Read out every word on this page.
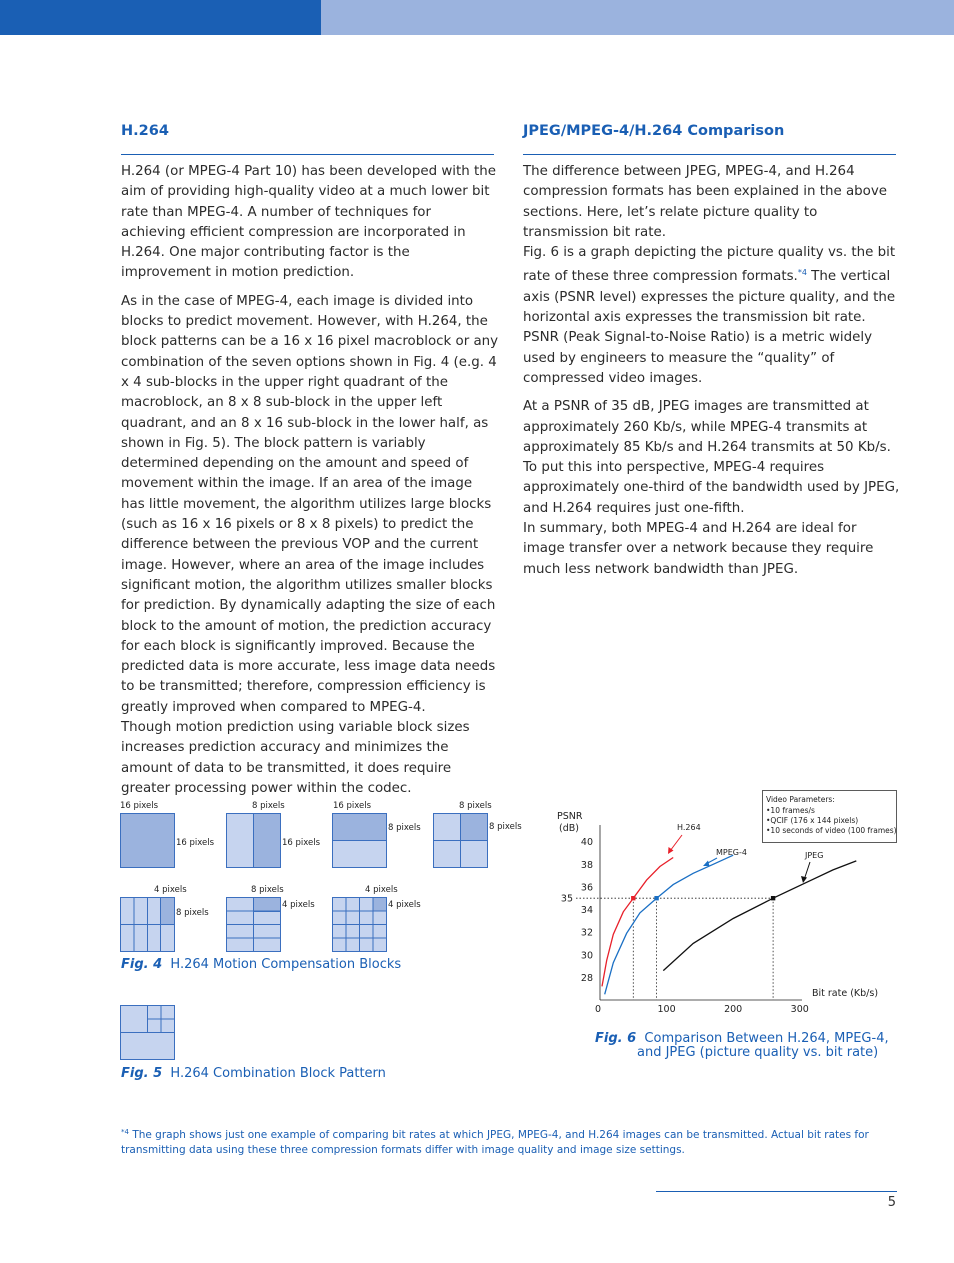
H.264

H.264 (or MPEG-4 Part 10) has been developed with the aim of providing high-quality video at a much lower bit rate than MPEG-4. A number of techniques for achieving efficient compression are incorporated in H.264. One major contributing factor is the improvement in motion prediction.

As in the case of MPEG-4, each image is divided into blocks to predict movement. However, with H.264, the block patterns can be a 16 x 16 pixel macroblock or any combination of the seven options shown in Fig. 4 (e.g. 4 x 4 sub-blocks in the upper right quadrant of the macroblock, an 8 x 8 sub-block in the upper left quadrant, and an 8 x 16 sub-block in the lower half, as shown in Fig. 5). The block pattern is variably determined depending on the amount and speed of movement within the image. If an area of the image has little movement, the algorithm utilizes large blocks (such as 16 x 16 pixels or 8 x 8 pixels) to predict the difference between the previous VOP and the current image. However, where an area of the image includes significant motion, the algorithm utilizes smaller blocks for prediction. By dynamically adapting the size of each block to the amount of motion, the prediction accuracy for each block is significantly improved. Because the predicted data is more accurate, less image data needs to be transmitted; therefore, compression efficiency is greatly improved when compared to MPEG-4.

Though motion prediction using variable block sizes increases prediction accuracy and minimizes the amount of data to be transmitted, it does require greater processing power within the codec.

JPEG/MPEG-4/H.264 Comparison

The difference between JPEG, MPEG-4, and H.264 compression formats has been explained in the above sections. Here, let’s relate picture quality to transmission bit rate.

Fig. 6 is a graph depicting the picture quality vs. the bit rate of these three compression formats.$^{*4}$ The vertical axis (PSNR level) expresses the picture quality, and the horizontal axis expresses the transmission bit rate. PSNR (Peak Signal-to-Noise Ratio) is a metric widely used by engineers to measure the “quality” of compressed video images.

At a PSNR of 35 dB, JPEG images are transmitted at approximately 260 Kb/s, while MPEG-4 transmits at approximately 85 Kb/s and H.264 transmits at 50 Kb/s. To put this into perspective, MPEG-4 requires approximately one-third of the bandwidth used by JPEG, and H.264 requires just one-fifth.

In summary, both MPEG-4 and H.264 are ideal for image transfer over a network because they require much less network bandwidth than JPEG.

16 pixels
16 pixels
8 pixels
16 pixels
16 pixels
8 pixels
8 pixels
8 pixels
4 pixels
8 pixels
8 pixels
4 pixels
4 pixels
4 pixels
Fig. 4 H.264 Motion Compensation Blocks
Fig. 5 H.264 Combination Block Pattern
PSNR
(dB)
Bit rate (Kb/s)
Video Parameters:
•10 frames/s
•QCIF (176 x 144 pixels)
•10 seconds of video (100 frames)
H.264
MPEG-4	JPEG
28
30
32
34
36
38
40
0	100	200	300
35
Fig. 6 Comparison Between H.264, MPEG-4,
and JPEG (picture quality vs. bit rate)
$^{*4}$ The graph shows just one example of comparing bit rates at which JPEG, MPEG-4, and H.264 images can be transmitted. Actual bit rates for transmitting data using these three compression formats differ with image quality and image size settings.
5
